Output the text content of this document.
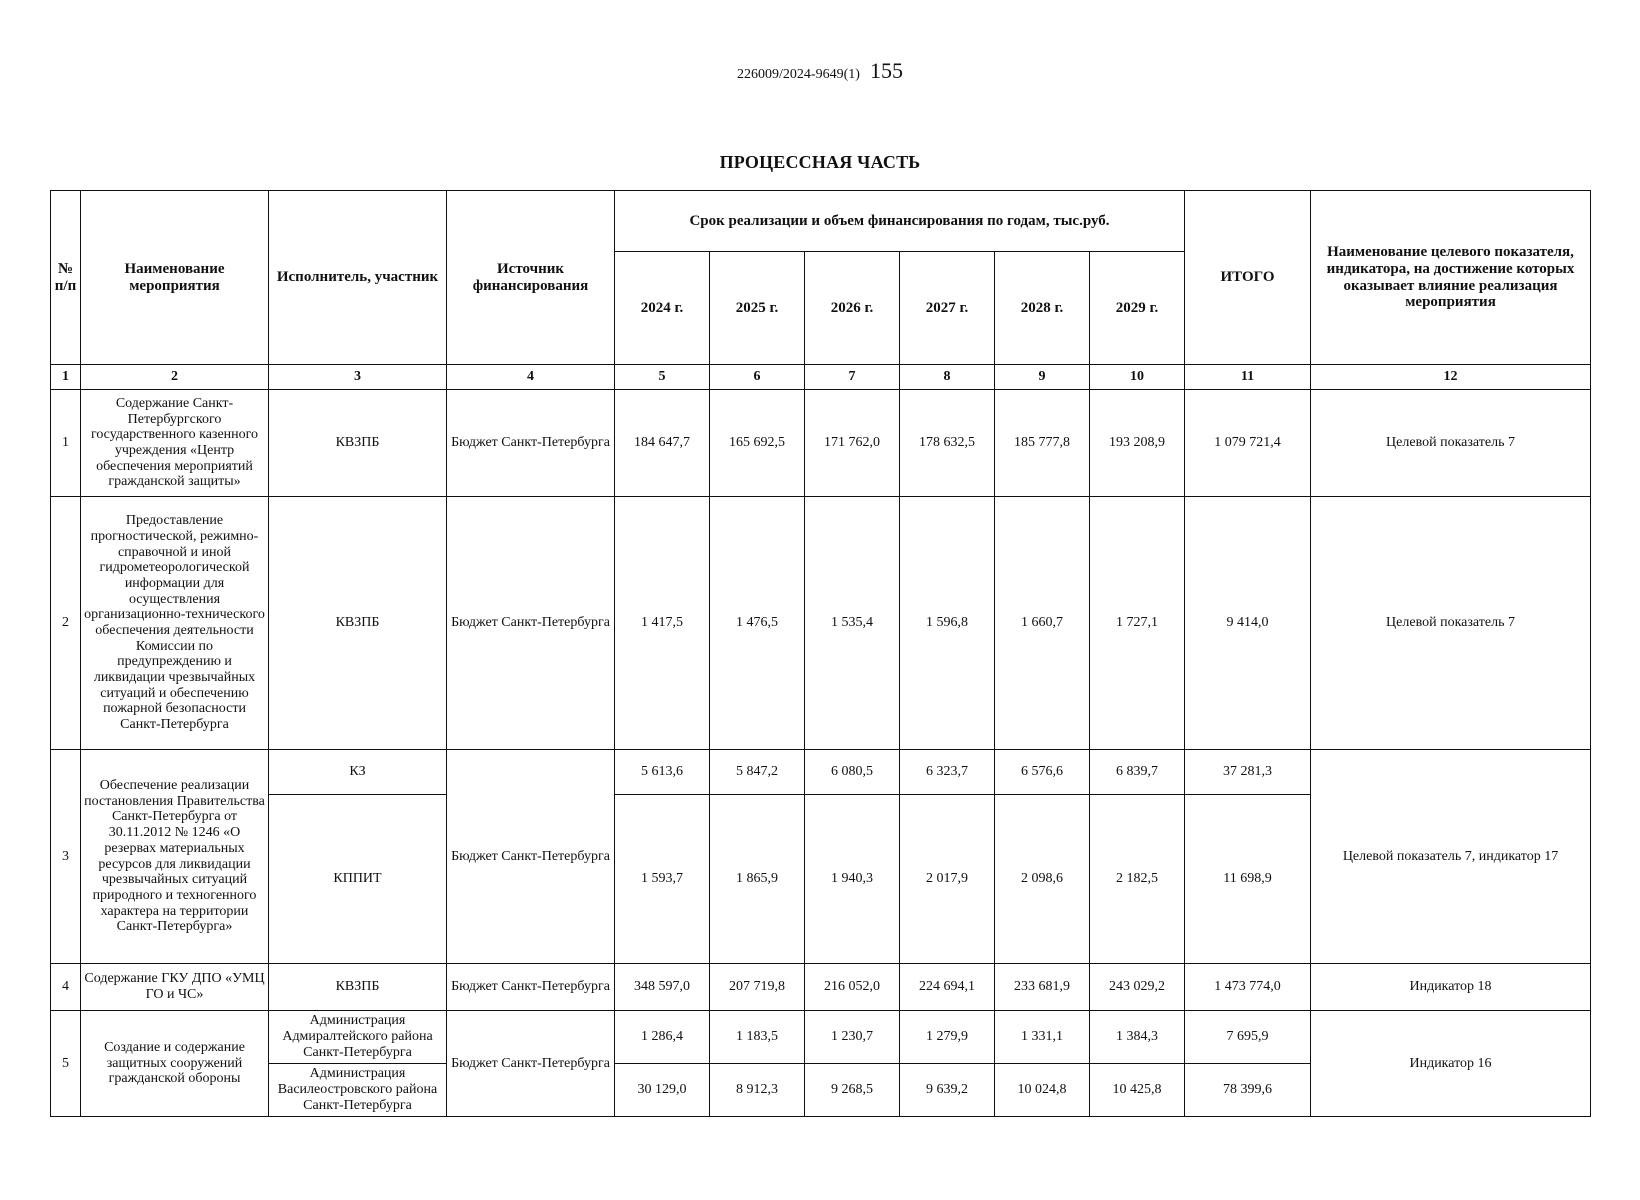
226009/2024-9649(1) 155
ПРОЦЕССНАЯ ЧАСТЬ
№ п/п	Наименование мероприятия	Исполнитель, участник	Источник финансирования	Срок реализации и объем финансирования по годам, тыс.руб.						ИТОГО	Наименование целевого показателя, индикатора, на достижение которых оказывает влияние реализация мероприятия
				2024 г.	2025 г.	2026 г.	2027 г.	2028 г.	2029 г.		
1	2	3	4	5	6	7	8	9	10	11	12
1	Содержание Санкт-Петербургского государственного казенного учреждения «Центр обеспечения мероприятий гражданской защиты»	КВЗПБ	Бюджет Санкт-Петербурга	184 647,7	165 692,5	171 762,0	178 632,5	185 777,8	193 208,9	1 079 721,4	Целевой показатель 7
2	Предоставление прогностической, режимно-справочной и иной гидрометеорологической информации для осуществления организационно-технического обеспечения деятельности Комиссии по предупреждению и ликвидации чрезвычайных ситуаций и обеспечению пожарной безопасности Санкт-Петербурга	КВЗПБ	Бюджет Санкт-Петербурга	1 417,5	1 476,5	1 535,4	1 596,8	1 660,7	1 727,1	9 414,0	Целевой показатель 7
3	Обеспечение реализации постановления Правительства Санкт-Петербурга от 30.11.2012 № 1246 «О резервах материальных ресурсов для ликвидации чрезвычайных ситуаций природного и техногенного характера на территории Санкт-Петербурга»	КЗ	Бюджет Санкт-Петербурга	5 613,6	5 847,2	6 080,5	6 323,7	6 576,6	6 839,7	37 281,3	Целевой показатель 7, индикатор 17
		КППИТ		1 593,7	1 865,9	1 940,3	2 017,9	2 098,6	2 182,5	11 698,9	
4	Содержание ГКУ ДПО «УМЦ ГО и ЧС»	КВЗПБ	Бюджет Санкт-Петербурга	348 597,0	207 719,8	216 052,0	224 694,1	233 681,9	243 029,2	1 473 774,0	Индикатор 18
5	Создание и содержание защитных сооружений гражданской обороны	Администрация Адмиралтейского района Санкт-Петербурга	Бюджет Санкт-Петербурга	1 286,4	1 183,5	1 230,7	1 279,9	1 331,1	1 384,3	7 695,9	Индикатор 16
		Администрация Василеостровского района Санкт-Петербурга		30 129,0	8 912,3	9 268,5	9 639,2	10 024,8	10 425,8	78 399,6	
